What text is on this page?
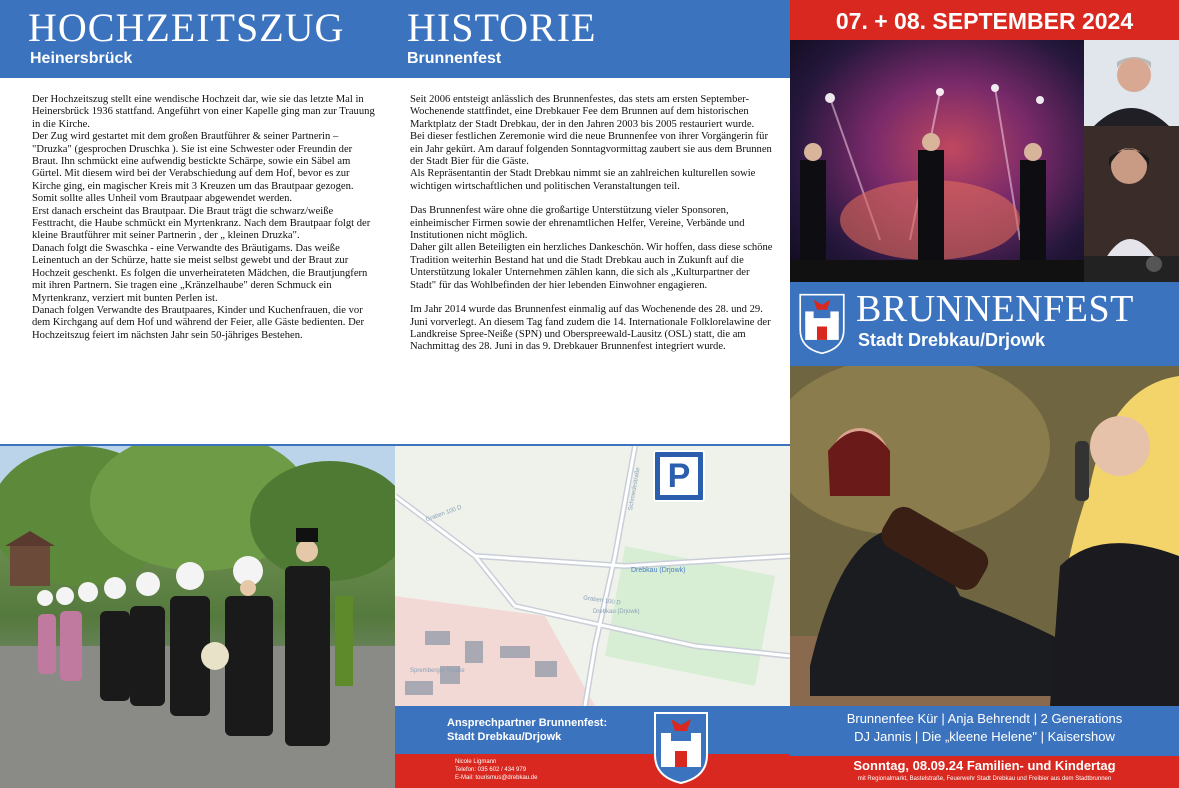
HOCHZEITSZUG
Heinersbrück
HISTORIE
Brunnenfest

Der Hochzeitszug stellt eine wendische Hochzeit dar, wie sie das letzte Mal in Heinersbrück 1936 stattfand. Angeführt von einer Kapelle ging man zur Trauung in die Kirche.

Der Zug wird gestartet mit dem großen Brautführer & seiner Partnerin – "Druzka" (gesprochen Druschka ). Sie ist eine Schwester oder Freundin der Braut. Ihn schmückt eine aufwendig bestickte Schärpe, sowie ein Säbel am Gürtel. Mit diesem wird bei der Verabschiedung auf dem Hof, bevor es zur Kirche ging, ein magischer Kreis mit 3 Kreuzen um das Brautpaar gezogen. Somit sollte alles Unheil vom Brautpaar abgewendet werden.

Erst danach erscheint das Brautpaar. Die Braut trägt die schwarz/weiße Festtracht, die Haube schmückt ein Myrtenkranz. Nach dem Brautpaar folgt der kleine Brautführer mit seiner Partnerin , der „ kleinen Druzka".

Danach folgt die Swaschka - eine Verwandte des Bräutigams. Das weiße Leinentuch an der Schürze, hatte sie meist selbst gewebt und der Braut zur Hochzeit geschenkt. Es folgen die unverheirateten Mädchen, die Brautjungfern mit ihren Partnern. Sie tragen eine „Kränzelhaube" deren Schmuck ein Myrtenkranz, verziert mit bunten Perlen ist.

Danach folgen Verwandte des Brautpaares, Kinder und Kuchenfrauen, die vor dem Kirchgang auf dem Hof und während der Feier, alle Gäste bedienten. Der Hochzeitszug feiert im nächsten Jahr sein 50-jähriges Bestehen.

Seit 2006 entsteigt anlässlich des Brunnenfestes, das stets am ersten September-Wochenende stattfindet, eine Drebkauer Fee dem Brunnen auf dem historischen Marktplatz der Stadt Drebkau, der in den Jahren 2003 bis 2005 restauriert wurde.

Bei dieser festlichen Zeremonie wird die neue Brunnenfee von ihrer Vorgängerin für ein Jahr gekürt. Am darauf folgenden Sonntagvormittag zaubert sie aus dem Brunnen der Stadt Bier für die Gäste.

Als Repräsentantin der Stadt Drebkau nimmt sie an zahlreichen kulturellen sowie wichtigen wirtschaftlichen und politischen Veranstaltungen teil.

Das Brunnenfest wäre ohne die großartige Unterstützung vieler Sponsoren, einheimischer Firmen sowie der ehrenamtlichen Helfer, Vereine, Verbände und Institutionen nicht möglich.

Daher gilt allen Beteiligten ein herzliches Dankeschön. Wir hoffen, dass diese schöne Tradition weiterhin Bestand hat und die Stadt Drebkau auch in Zukunft auf die Unterstützung lokaler Unternehmen zählen kann, die sich als „Kulturpartner der Stadt" für das Wohlbefinden der hier lebenden Einwohner engagieren.

Im Jahr 2014 wurde das Brunnenfest einmalig auf das Wochenende des 28. und 29. Juni vorverlegt. An diesem Tag fand zudem die 14. Internationale Folklorelawine der Landkreise Spree-Neiße (SPN) und Oberspreewald-Lausitz (OSL) statt, die am Nachmittag des 28. Juni in das 9. Drebkauer Brunnenfest integriert wurde.

P
Drebkau (Drjowk)
Graben 100 D
Graben 100 D
Drebkau (Drjowk)
Schmiedestraße
Spremberger Straße
Ansprechpartner Brunnenfest:
Stadt Drebkau/Drjowk
Nicole Ligmann
Telefon: 035 602 / 434 979
E-Mail: tourismus@drebkau.de
07. + 08. SEPTEMBER 2024
BRUNNENFEST
Stadt Drebkau/Drjowk
Brunnenfee Kür | Anja Behrendt | 2 Generations
DJ Jannis | Die „kleene Helene" | Kaisershow
Sonntag, 08.09.24 Familien- und Kindertag
mit Regionalmarkt, Bastelstraße, Feuerwehr Stadt Drebkau und Freibier aus dem Stadtbrunnen
